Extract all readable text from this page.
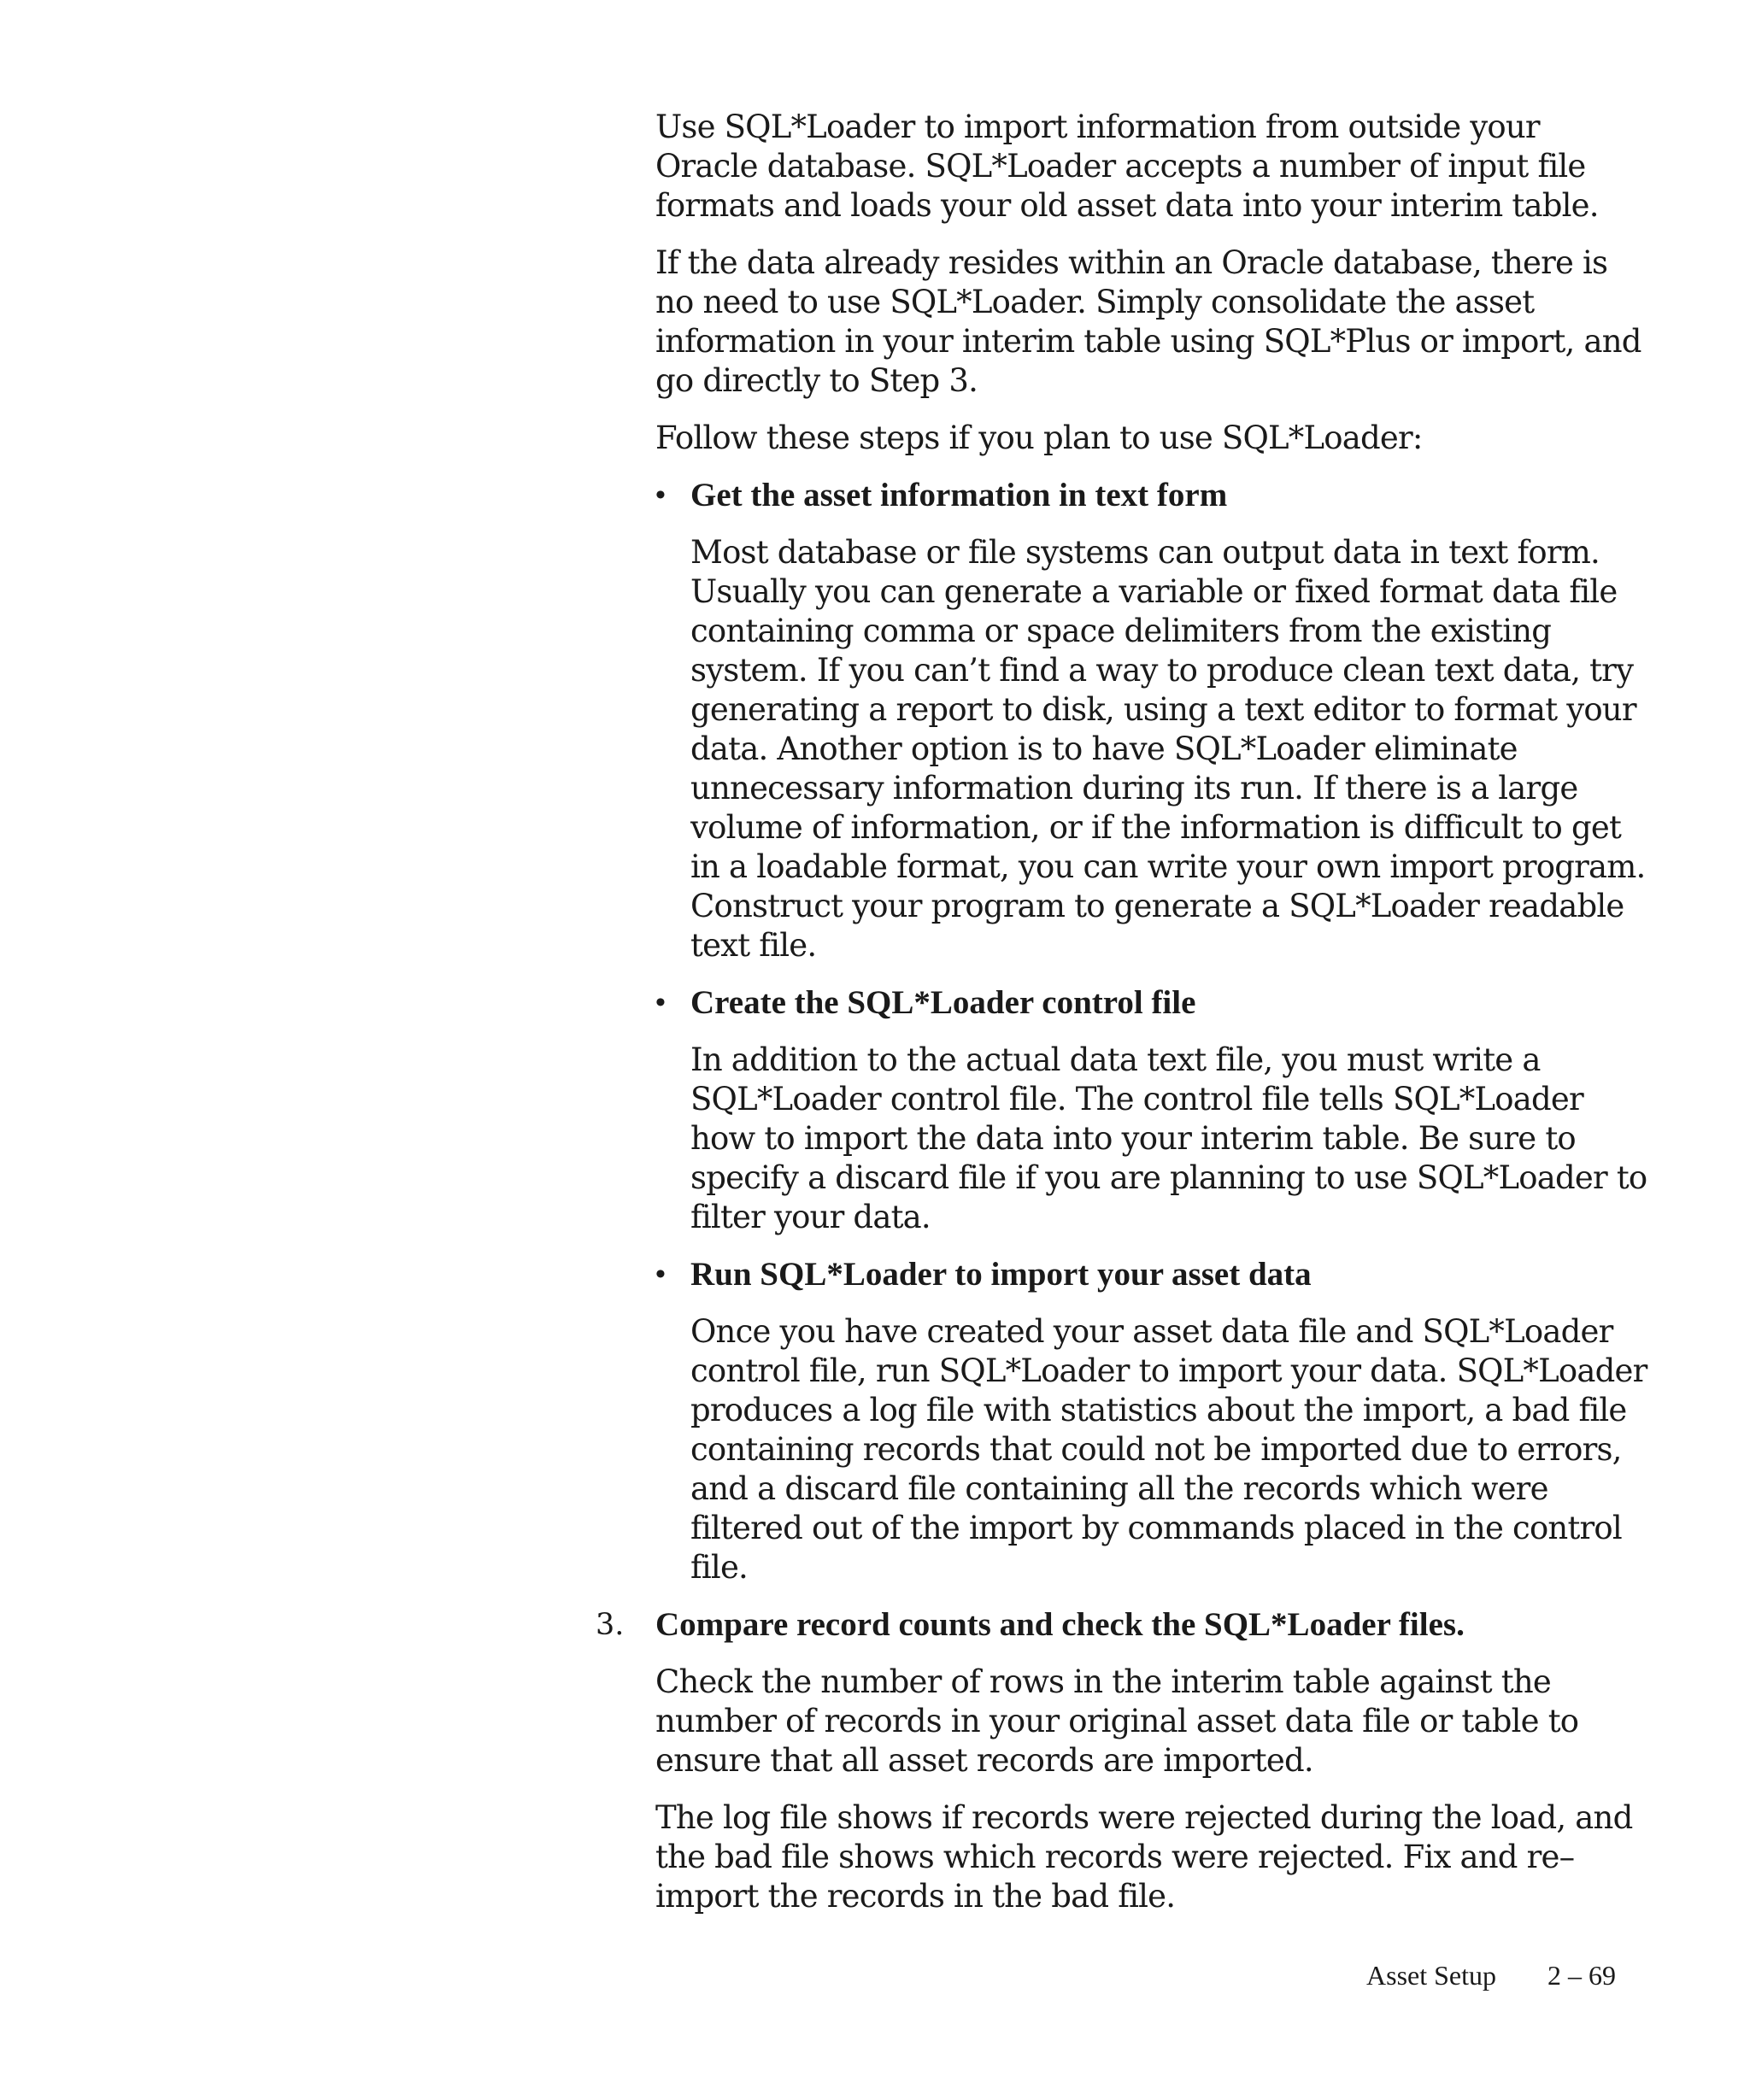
Use SQL*Loader to import information from outside your Oracle database. SQL*Loader accepts a number of input file formats and loads your old asset data into your interim table.

If the data already resides within an Oracle database, there is no need to use SQL*Loader. Simply consolidate the asset information in your interim table using SQL*Plus or import, and go directly to Step 3.

Follow these steps if you plan to use SQL*Loader:

• Get the asset information in text form

Most database or file systems can output data in text form. Usually you can generate a variable or fixed format data file containing comma or space delimiters from the existing system. If you can’t find a way to produce clean text data, try generating a report to disk, using a text editor to format your data. Another option is to have SQL*Loader eliminate unnecessary information during its run. If there is a large volume of information, or if the information is difficult to get in a loadable format, you can write your own import program. Construct your program to generate a SQL*Loader readable text file.

• Create the SQL*Loader control file

In addition to the actual data text file, you must write a SQL*Loader control file. The control file tells SQL*Loader how to import the data into your interim table. Be sure to specify a discard file if you are planning to use SQL*Loader to filter your data.

• Run SQL*Loader to import your asset data

Once you have created your asset data file and SQL*Loader control file, run SQL*Loader to import your data. SQL*Loader produces a log file with statistics about the import, a bad file containing records that could not be imported due to errors, and a discard file containing all the records which were filtered out of the import by commands placed in the control file.

3. Compare record counts and check the SQL*Loader files.

Check the number of rows in the interim table against the number of records in your original asset data file or table to ensure that all asset records are imported.

The log file shows if records were rejected during the load, and the bad file shows which records were rejected. Fix and re–import the records in the bad file.

Asset Setup 2 – 69
